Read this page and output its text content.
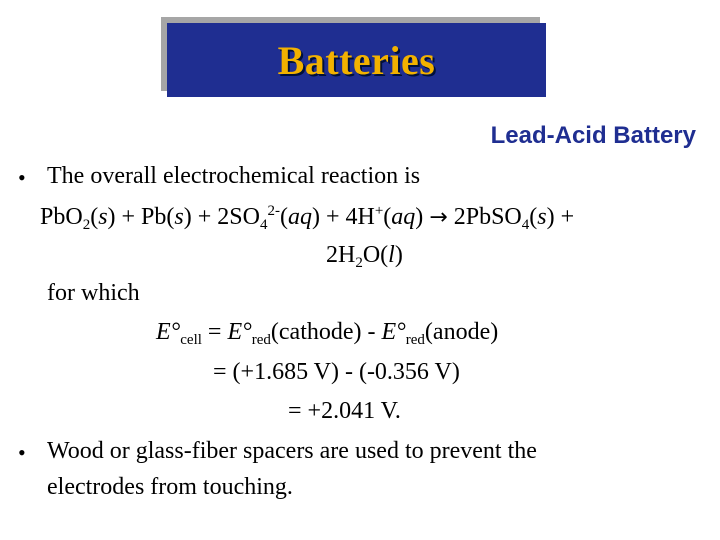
Batteries
Lead-Acid Battery
• The overall electrochemical reaction is
$PbO_2(s) + Pb(s) + 2SO_4^{2-}(aq) + 4H^+(aq)$ → 2PbSO$_4$(s) +
$2H_2O(l)$
for which
$E^\circ_{cell}$ = $E^\circ_{red}(cathode)$ - $E^\circ_{red}(anode)$
= (+1.685 V) - (-0.356 V)
= +2.041 V.
• Wood or glass-fiber spacers are used to prevent the
electrodes from touching.
